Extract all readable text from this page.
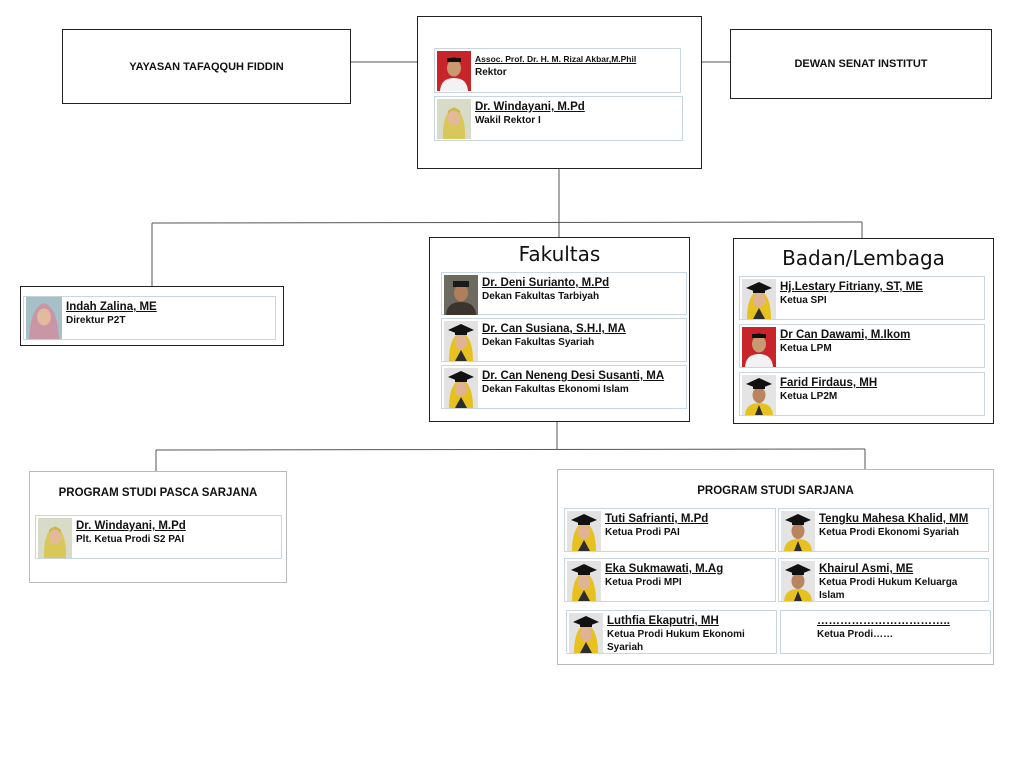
YAYASAN TAFAQQUH FIDDIN
Assoc. Prof. Dr. H. M. Rizal Akbar,M.Phil
Rektor
Dr. Windayani, M.Pd
Wakil Rektor I
DEWAN SENAT INSTITUT
Indah Zalina, ME
Direktur P2T
Fakultas
Dr. Deni Surianto, M.Pd
Dekan Fakultas Tarbiyah
Dr. Can Susiana, S.H.I, MA
Dekan Fakultas Syariah
Dr. Can Neneng Desi Susanti, MA
Dekan Fakultas Ekonomi Islam
Badan/Lembaga
Hj.Lestary Fitriany, ST, ME
Ketua SPI
Dr Can Dawami, M.Ikom
Ketua LPM
Farid Firdaus, MH
Ketua LP2M
PROGRAM STUDI PASCA SARJANA
Dr. Windayani, M.Pd
Plt. Ketua Prodi S2 PAI
PROGRAM STUDI SARJANA
Tuti Safrianti, M.Pd
Ketua Prodi PAI
Tengku Mahesa Khalid, MM
Ketua Prodi Ekonomi Syariah
Eka Sukmawati, M.Ag
Ketua Prodi MPI
Khairul Asmi, ME
Ketua Prodi Hukum Keluarga Islam
Luthfia Ekaputri, MH
Ketua Prodi Hukum Ekonomi Syariah
……………………………..
Ketua Prodi……
